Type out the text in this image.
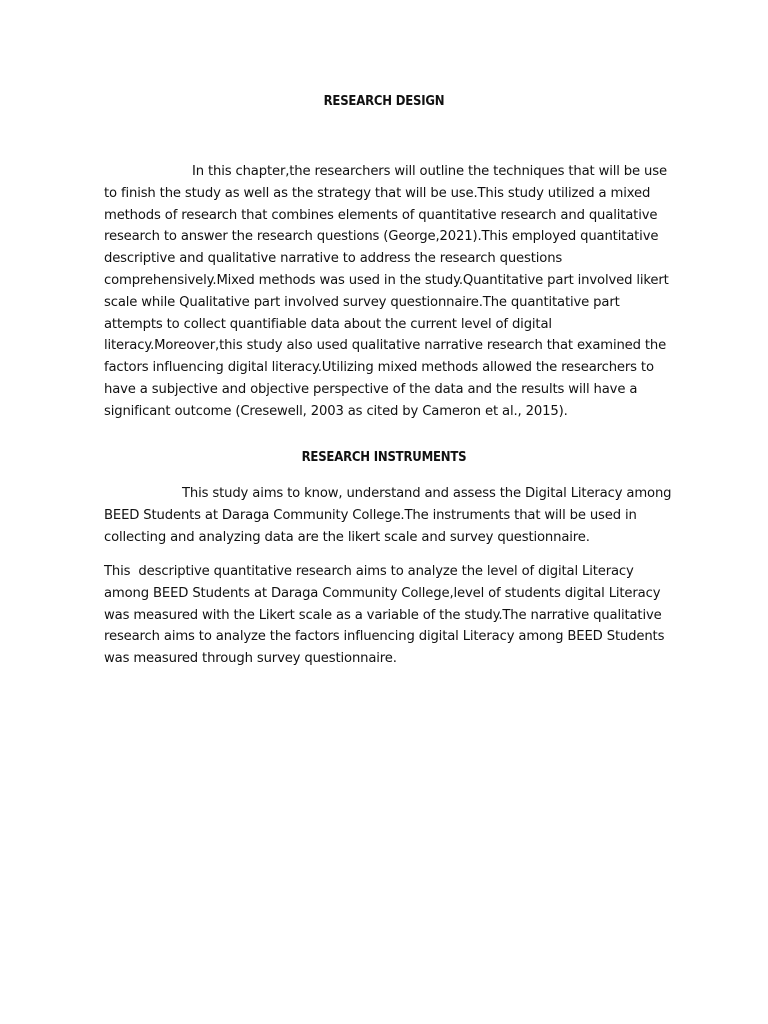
RESEARCH DESIGN

In this chapter,the researchers will outline the techniques that will be use to finish the study as well as the strategy that will be use.This study utilized a mixed methods of research that combines elements of quantitative research and qualitative research to answer the research questions (George,2021).This employed quantitative descriptive and qualitative narrative to address the research questions comprehensively.Mixed methods was used in the study.Quantitative part involved likert scale while Qualitative part involved survey questionnaire.The quantitative part attempts to collect quantifiable data about the current level of digital literacy.Moreover,this study also used qualitative narrative research that examined the factors influencing digital literacy.Utilizing mixed methods allowed the researchers to have a subjective and objective perspective of the data and the results will have a significant outcome (Cresewell, 2003 as cited by Cameron et al., 2015).

RESEARCH INSTRUMENTS

This study aims to know, understand and assess the Digital Literacy among BEED Students at Daraga Community College.The instruments that will be used in collecting and analyzing data are the likert scale and survey questionnaire.

This  descriptive quantitative research aims to analyze the level of digital Literacy among BEED Students at Daraga Community College,level of students digital Literacy was measured with the Likert scale as a variable of the study.The narrative qualitative research aims to analyze the factors influencing digital Literacy among BEED Students was measured through survey questionnaire.
